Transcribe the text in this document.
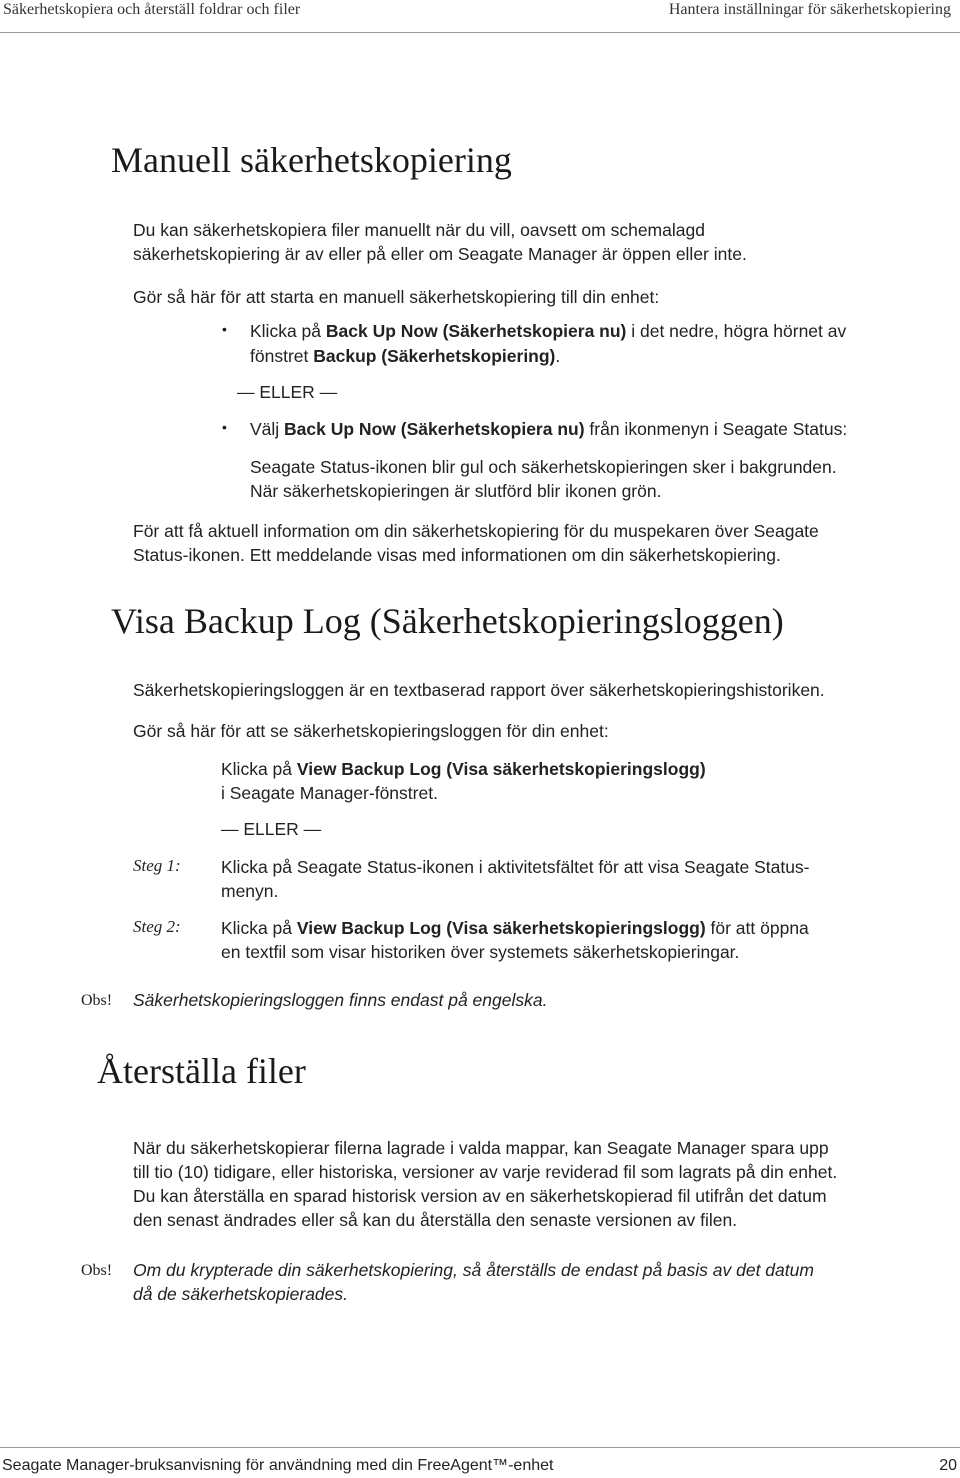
Säkerhetskopiera och återställ foldrar och filer	Hantera inställningar för säkerhetskopiering
Manuell säkerhetskopiering
Du kan säkerhetskopiera filer manuellt när du vill, oavsett om schemalagd
säkerhetskopiering är av eller på eller om Seagate Manager är öppen eller inte.
Gör så här för att starta en manuell säkerhetskopiering till din enhet:
• Klicka på Back Up Now (Säkerhetskopiera nu) i det nedre, högra hörnet av
fönstret Backup (Säkerhetskopiering).
— ELLER —
• Välj Back Up Now (Säkerhetskopiera nu) från ikonmenyn i Seagate Status:
Seagate Status-ikonen blir gul och säkerhetskopieringen sker i bakgrunden.
När säkerhetskopieringen är slutförd blir ikonen grön.
För att få aktuell information om din säkerhetskopiering för du muspekaren över Seagate
Status-ikonen. Ett meddelande visas med informationen om din säkerhetskopiering.
Visa Backup Log (Säkerhetskopieringsloggen)
Säkerhetskopieringsloggen är en textbaserad rapport över säkerhetskopieringshistoriken.
Gör så här för att se säkerhetskopieringsloggen för din enhet:
Klicka på View Backup Log (Visa säkerhetskopieringslogg)
i Seagate Manager-fönstret.
— ELLER —
Steg 1: Klicka på Seagate Status-ikonen i aktivitetsfältet för att visa Seagate Status-
menyn.
Steg 2: Klicka på View Backup Log (Visa säkerhetskopieringslogg) för att öppna
en textfil som visar historiken över systemets säkerhetskopieringar.
Obs! Säkerhetskopieringsloggen finns endast på engelska.
Återställa filer
När du säkerhetskopierar filerna lagrade i valda mappar, kan Seagate Manager spara upp
till tio (10) tidigare, eller historiska, versioner av varje reviderad fil som lagrats på din enhet.
Du kan återställa en sparad historisk version av en säkerhetskopierad fil utifrån det datum
den senast ändrades eller så kan du återställa den senaste versionen av filen.
Obs! Om du krypterade din säkerhetskopiering, så återställs de endast på basis av det datum
då de säkerhetskopierades.
Seagate Manager-bruksanvisning för användning med din FreeAgent™-enhet	20
